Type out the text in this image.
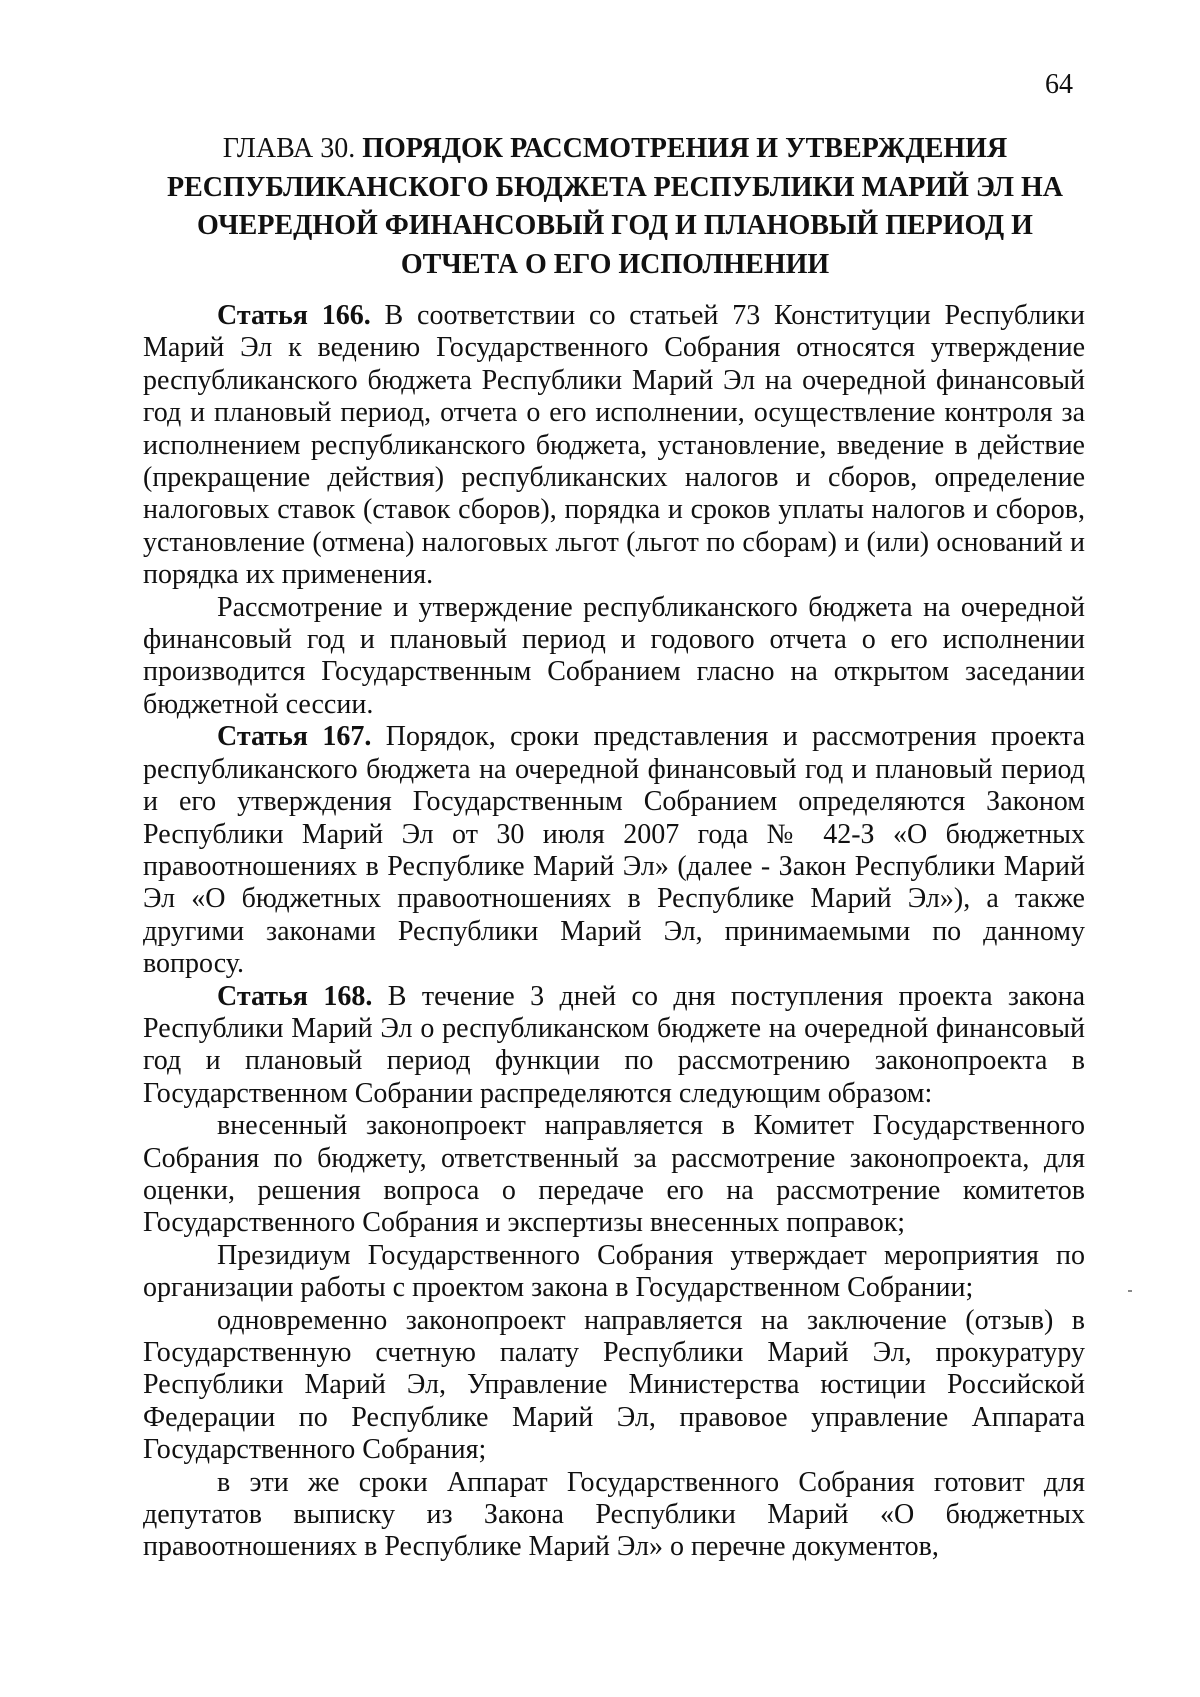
64
ГЛАВА 30. ПОРЯДОК РАССМОТРЕНИЯ И УТВЕРЖДЕНИЯ РЕСПУБЛИКАНСКОГО БЮДЖЕТА РЕСПУБЛИКИ МАРИЙ ЭЛ НА ОЧЕРЕДНОЙ ФИНАНСОВЫЙ ГОД И ПЛАНОВЫЙ ПЕРИОД И ОТЧЕТА О ЕГО ИСПОЛНЕНИИ

Статья 166. В соответствии со статьей 73 Конституции Республики Марий Эл к ведению Государственного Собрания относятся утверждение республиканского бюджета Республики Марий Эл на очередной финансовый год и плановый период, отчета о его исполнении, осуществление контроля за исполнением республиканского бюджета, установление, введение в действие (прекращение действия) республиканских налогов и сборов, определение налоговых ставок (ставок сборов), порядка и сроков уплаты налогов и сборов, установление (отмена) налоговых льгот (льгот по сборам) и (или) оснований и порядка их применения.

Рассмотрение и утверждение республиканского бюджета на очередной финансовый год и плановый период и годового отчета о его исполнении производится Государственным Собранием гласно на открытом заседании бюджетной сессии.

Статья 167. Порядок, сроки представления и рассмотрения проекта республиканского бюджета на очередной финансовый год и плановый период и его утверждения Государственным Собранием определяются Законом Республики Марий Эл от 30 июля 2007 года № 42-З «О бюджетных правоотношениях в Республике Марий Эл» (далее - Закон Республики Марий Эл «О бюджетных правоотношениях в Республике Марий Эл»), а также другими законами Республики Марий Эл, принимаемыми по данному вопросу.

Статья 168. В течение 3 дней со дня поступления проекта закона Республики Марий Эл о республиканском бюджете на очередной финансовый год и плановый период функции по рассмотрению законопроекта в Государственном Собрании распределяются следующим образом:

внесенный законопроект направляется в Комитет Государственного Собрания по бюджету, ответственный за рассмотрение законопроекта, для оценки, решения вопроса о передаче его на рассмотрение комитетов Государственного Собрания и экспертизы внесенных поправок;

Президиум Государственного Собрания утверждает мероприятия по организации работы с проектом закона в Государственном Собрании;

одновременно законопроект направляется на заключение (отзыв) в Государственную счетную палату Республики Марий Эл, прокуратуру Республики Марий Эл, Управление Министерства юстиции Российской Федерации по Республике Марий Эл, правовое управление Аппарата Государственного Собрания;

в эти же сроки Аппарат Государственного Собрания готовит для депутатов выписку из Закона Республики Марий «О бюджетных правоотношениях в Республике Марий Эл» о перечне документов,
